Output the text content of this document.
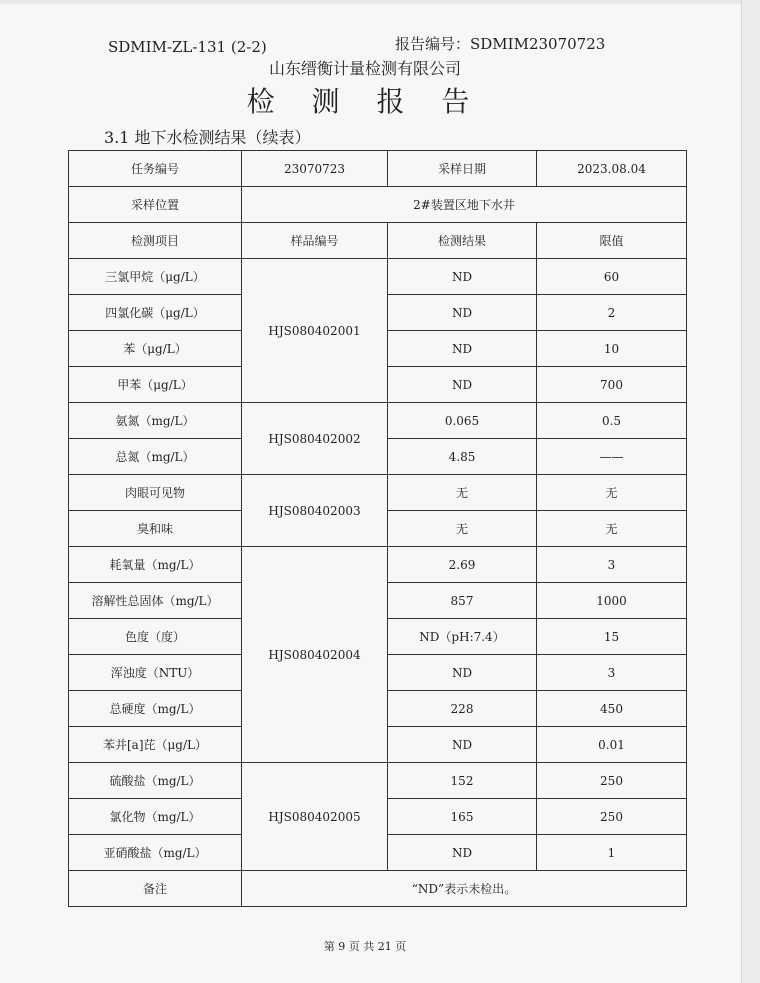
SDMIM-ZL-131 (2-2)	报告编号：SDMIM23070723
山东缙衡计量检测有限公司
检 测 报 告
3.1 地下水检测结果（续表）
任务编号	23070723	采样日期	2023.08.04
采样位置	2#装置区地下水井		
检测项目	样品编号	检测结果	限值
三氯甲烷（μg/L）	HJS080402001	ND	60
四氯化碳（μg/L）		ND	2
苯（μg/L）		ND	10
甲苯（μg/L）		ND	700
氨氮（mg/L）	HJS080402002	0.065	0.5
总氮（mg/L）		4.85	——
肉眼可见物	HJS080402003	无	无
臭和味		无	无
耗氧量（mg/L）	HJS080402004	2.69	3
溶解性总固体（mg/L）		857	1000
色度（度）		ND（pH:7.4）	15
浑浊度（NTU）		ND	3
总硬度（mg/L）		228	450
苯并[a]芘（μg/L）		ND	0.01
硫酸盐（mg/L）	HJS080402005	152	250
氯化物（mg/L）		165	250
亚硝酸盐（mg/L）		ND	1
备注	“ND”表示未检出。		
第 9 页 共 21 页
